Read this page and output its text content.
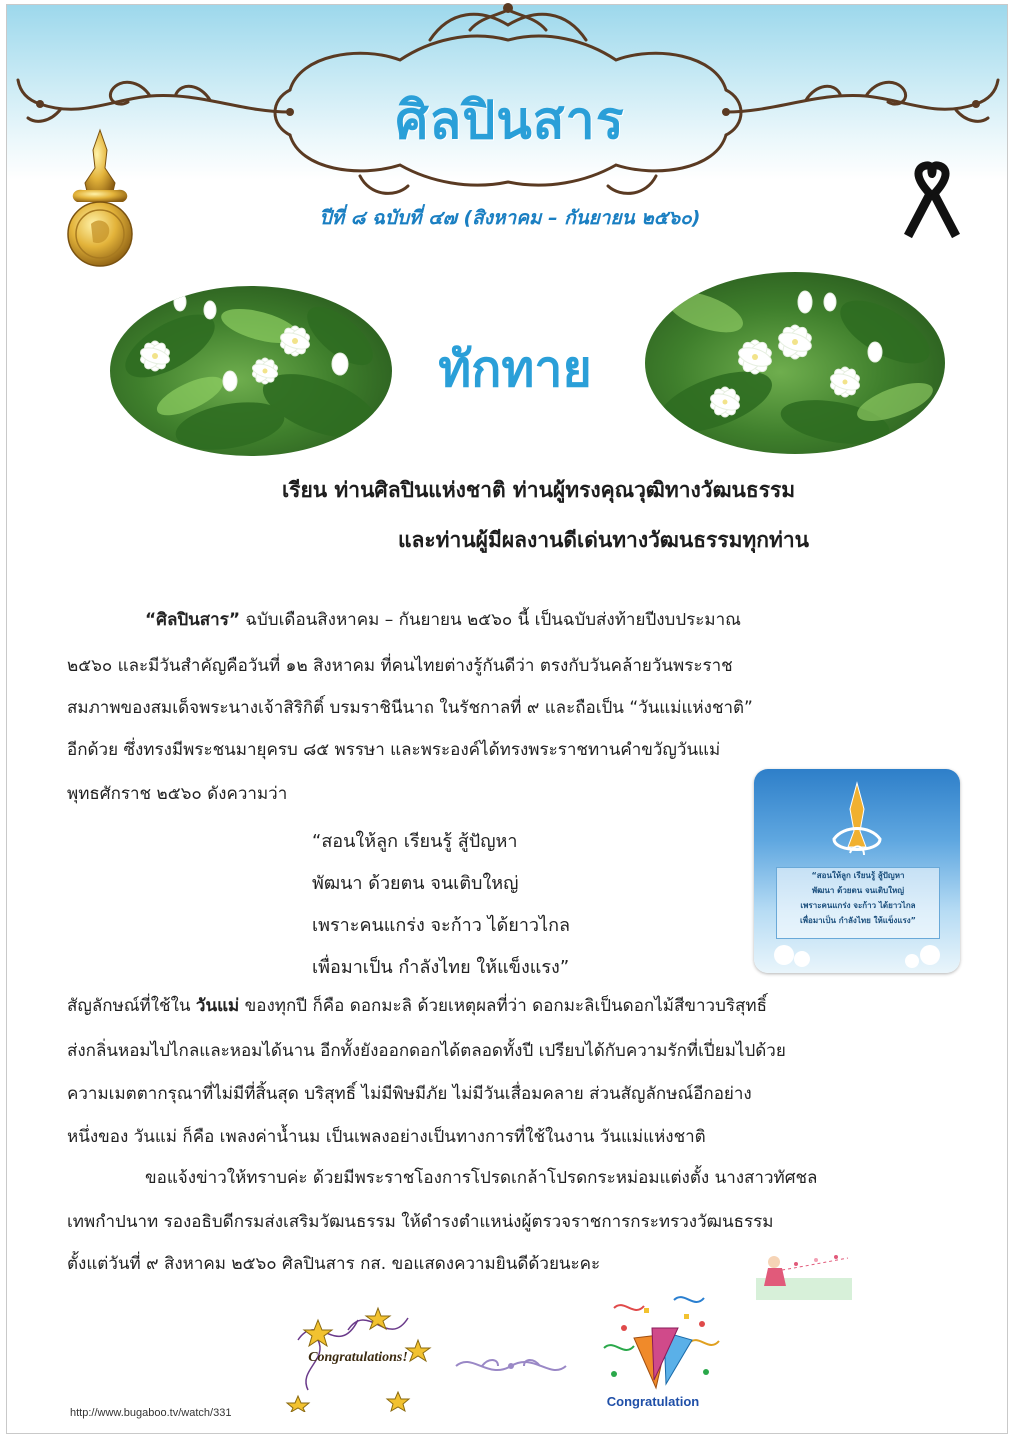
ศิลปินสาร
ปีที่ ๘ ฉบับที่ ๔๗ (สิงหาคม – กันยายน ๒๕๖๐)
ทักทาย
เรียน ท่านศิลปินแห่งชาติ ท่านผู้ทรงคุณวุฒิทางวัฒนธรรม
และท่านผู้มีผลงานดีเด่นทางวัฒนธรรมทุกท่าน
“ศิลปินสาร” ฉบับเดือนสิงหาคม – กันยายน ๒๕๖๐ นี้ เป็นฉบับส่งท้ายปีงบประมาณ
๒๕๖๐ และมีวันสำคัญคือวันที่ ๑๒ สิงหาคม ที่คนไทยต่างรู้กันดีว่า ตรงกับวันคล้ายวันพระราช
สมภาพของสมเด็จพระนางเจ้าสิริกิติ์ บรมราชินีนาถ ในรัชกาลที่ ๙ และถือเป็น “วันแม่แห่งชาติ”
อีกด้วย ซึ่งทรงมีพระชนมายุครบ ๘๕ พรรษา และพระองค์ได้ทรงพระราชทานคำขวัญวันแม่
พุทธศักราช ๒๕๖๐ ดังความว่า
“สอนให้ลูก เรียนรู้ สู้ปัญหา
พัฒนา ด้วยตน จนเติบใหญ่
เพราะคนแกร่ง จะก้าว ได้ยาวไกล
เพื่อมาเป็น กำลังไทย ให้แข็งแรง”
“สอนให้ลูก เรียนรู้ สู้ปัญหา
พัฒนา ด้วยตน จนเติบใหญ่
เพราะคนแกร่ง จะก้าว ได้ยาวไกล
เพื่อมาเป็น กำลังไทย ให้แข็งแรง”
สัญลักษณ์ที่ใช้ใน วันแม่ ของทุกปี ก็คือ ดอกมะลิ ด้วยเหตุผลที่ว่า ดอกมะลิเป็นดอกไม้สีขาวบริสุทธิ์
ส่งกลิ่นหอมไปไกลและหอมได้นาน อีกทั้งยังออกดอกได้ตลอดทั้งปี เปรียบได้กับความรักที่เปี่ยมไปด้วย
ความเมตตากรุณาที่ไม่มีที่สิ้นสุด บริสุทธิ์ ไม่มีพิษมีภัย ไม่มีวันเสื่อมคลาย ส่วนสัญลักษณ์อีกอย่าง
หนึ่งของ วันแม่ ก็คือ เพลงค่าน้ำนม เป็นเพลงอย่างเป็นทางการที่ใช้ในงาน วันแม่แห่งชาติ
ขอแจ้งข่าวให้ทราบค่ะ ด้วยมีพระราชโองการโปรดเกล้าโปรดกระหม่อมแต่งตั้ง นางสาวทัศชล
เทพกำปนาท รองอธิบดีกรมส่งเสริมวัฒนธรรม ให้ดำรงตำแหน่งผู้ตรวจราชการกระทรวงวัฒนธรรม
ตั้งแต่วันที่ ๙ สิงหาคม ๒๕๖๐ ศิลปินสาร กส. ขอแสดงความยินดีด้วยนะคะ
Congratulations!
Congratulation
http://www.bugaboo.tv/watch/331
